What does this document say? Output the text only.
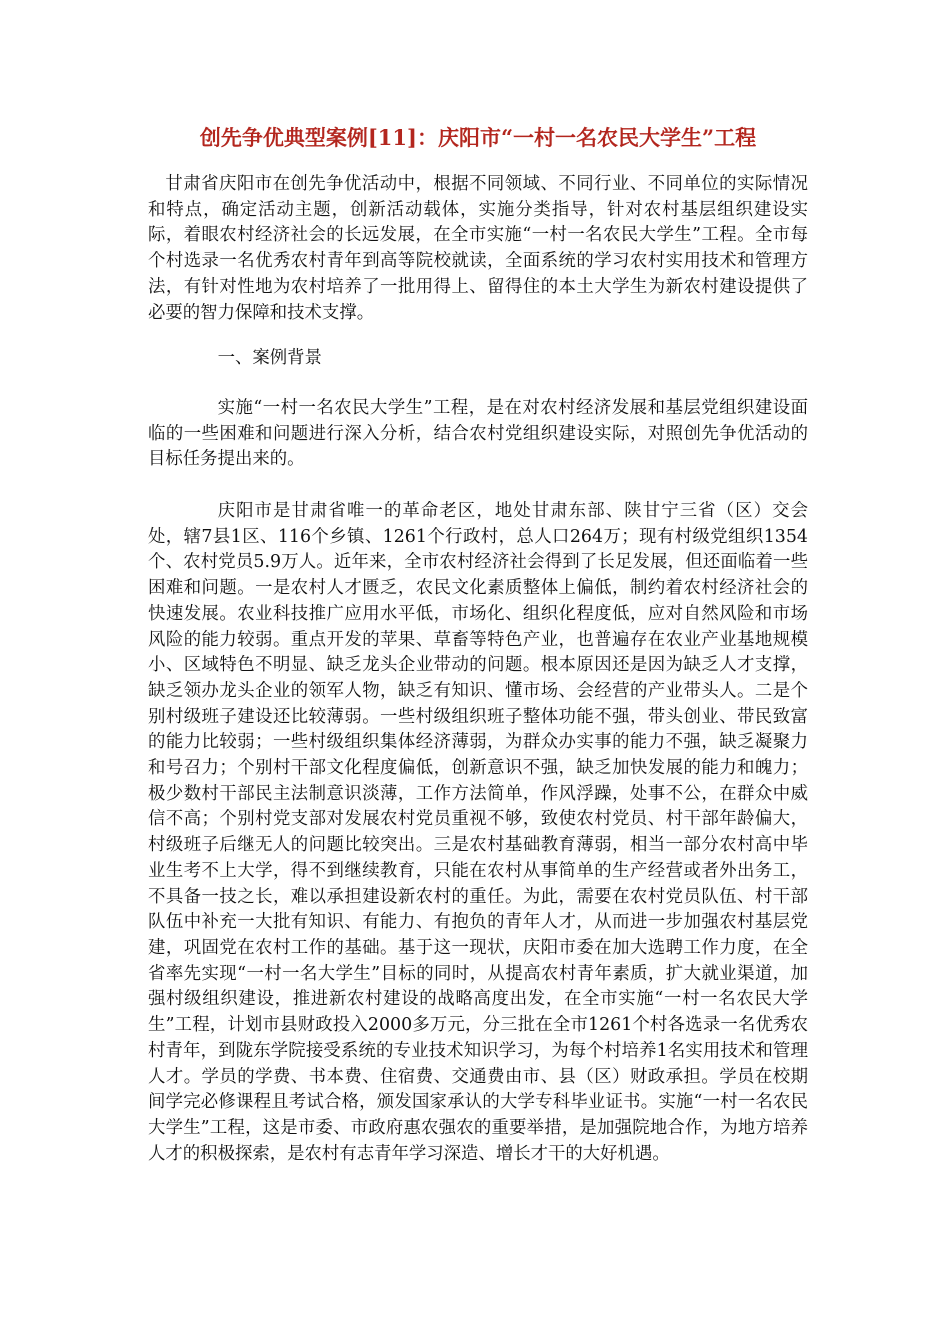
创先争优典型案例[11]：庆阳市“一村一名农民大学生”工程

甘肃省庆阳市在创先争优活动中，根据不同领域、不同行业、不同单位的实际情况和特点，确定活动主题，创新活动载体，实施分类指导，针对农村基层组织建设实际，着眼农村经济社会的长远发展，在全市实施“一村一名农民大学生”工程。全市每个村选录一名优秀农村青年到高等院校就读，全面系统的学习农村实用技术和管理方法，有针对性地为农村培养了一批用得上、留得住的本土大学生为新农村建设提供了必要的智力保障和技术支撑。

一、案例背景

实施“一村一名农民大学生”工程，是在对农村经济发展和基层党组织建设面临的一些困难和问题进行深入分析，结合农村党组织建设实际，对照创先争优活动的目标任务提出来的。

庆阳市是甘肃省唯一的革命老区，地处甘肃东部、陕甘宁三省（区）交会处，辖7县1区、116个乡镇、1261个行政村，总人口264万；现有村级党组织1354个、农村党员5.9万人。近年来，全市农村经济社会得到了长足发展，但还面临着一些困难和问题。一是农村人才匮乏，农民文化素质整体上偏低，制约着农村经济社会的快速发展。农业科技推广应用水平低，市场化、组织化程度低，应对自然风险和市场风险的能力较弱。重点开发的苹果、草畜等特色产业，也普遍存在农业产业基地规模小、区域特色不明显、缺乏龙头企业带动的问题。根本原因还是因为缺乏人才支撑，缺乏领办龙头企业的领军人物，缺乏有知识、懂市场、会经营的产业带头人。二是个别村级班子建设还比较薄弱。一些村级组织班子整体功能不强，带头创业、带民致富的能力比较弱；一些村级组织集体经济薄弱，为群众办实事的能力不强，缺乏凝聚力和号召力；个别村干部文化程度偏低，创新意识不强，缺乏加快发展的能力和魄力；极少数村干部民主法制意识淡薄，工作方法简单，作风浮躁，处事不公，在群众中威信不高；个别村党支部对发展农村党员重视不够，致使农村党员、村干部年龄偏大，村级班子后继无人的问题比较突出。三是农村基础教育薄弱，相当一部分农村高中毕业生考不上大学，得不到继续教育，只能在农村从事简单的生产经营或者外出务工，不具备一技之长，难以承担建设新农村的重任。为此，需要在农村党员队伍、村干部队伍中补充一大批有知识、有能力、有抱负的青年人才，从而进一步加强农村基层党建，巩固党在农村工作的基础。基于这一现状，庆阳市委在加大选聘工作力度，在全省率先实现“一村一名大学生”目标的同时，从提高农村青年素质，扩大就业渠道，加强村级组织建设，推进新农村建设的战略高度出发，在全市实施“一村一名农民大学生”工程，计划市县财政投入2000多万元，分三批在全市1261个村各选录一名优秀农村青年，到陇东学院接受系统的专业技术知识学习，为每个村培养1名实用技术和管理人才。学员的学费、书本费、住宿费、交通费由市、县（区）财政承担。学员在校期间学完必修课程且考试合格，颁发国家承认的大学专科毕业证书。实施“一村一名农民大学生”工程，这是市委、市政府惠农强农的重要举措，是加强院地合作，为地方培养人才的积极探索，是农村有志青年学习深造、增长才干的大好机遇。
